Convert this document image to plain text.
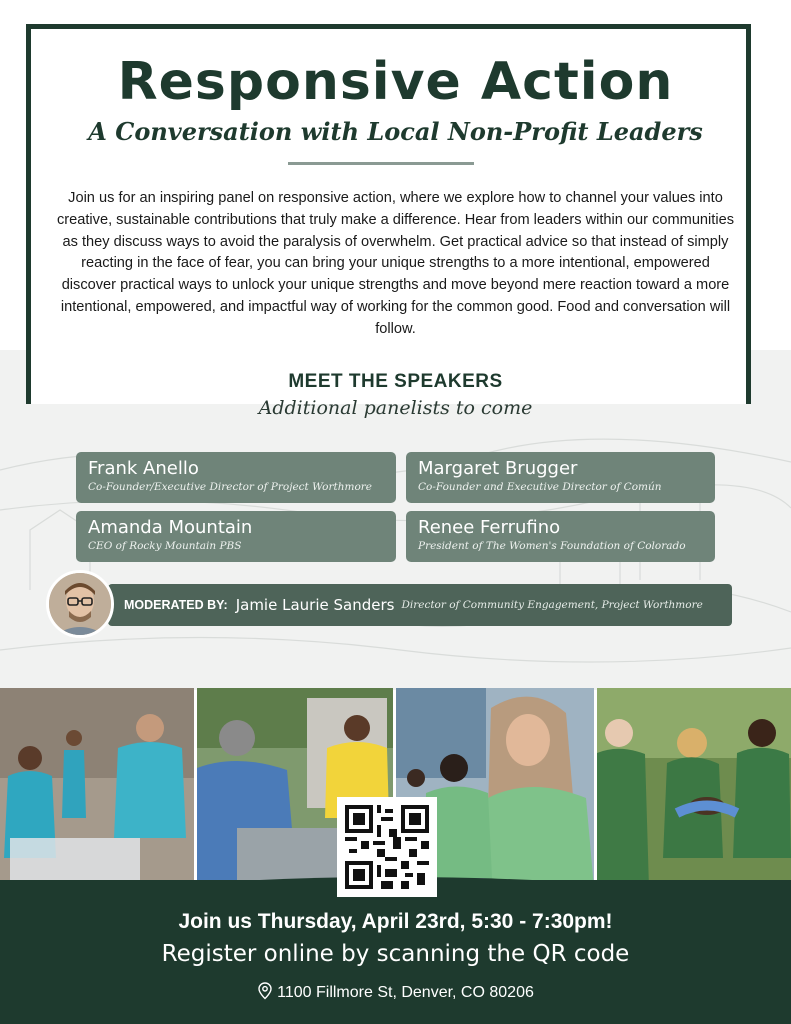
Responsive Action
A Conversation with Local Non-Profit Leaders
Join us for an inspiring panel on responsive action, where we explore how to channel your values into creative, sustainable contributions that truly make a difference. Hear from leaders within our communities as they discuss ways to avoid the paralysis of overwhelm. Get practical advice so that instead of simply reacting in the face of fear, you can bring your unique strengths to a more intentional, empowered discover practical ways to unlock your unique strengths and move beyond mere reaction toward a more intentional, empowered, and impactful way of working for the common good. Food and conversation will follow.
MEET THE SPEAKERS
Additional panelists to come
Frank Anello
Co-Founder/Executive Director of Project Worthmore
Margaret Brugger
Co-Founder and Executive Director of Común
Amanda Mountain
CEO of Rocky Mountain PBS
Renee Ferrufino
President of The Women's Foundation of Colorado
MODERATED BY: Jamie Laurie Sanders Director of Community Engagement, Project Worthmore
Join us Thursday, April 23rd, 5:30 - 7:30pm!
Register online by scanning the QR code
1100 Fillmore St, Denver, CO 80206
